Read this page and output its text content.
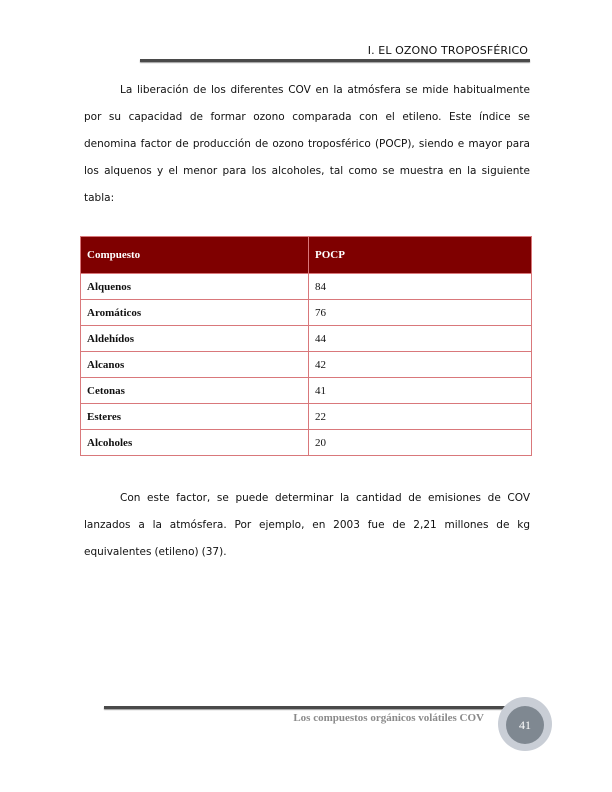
I. EL OZONO TROPOSFÉRICO

La liberación de los diferentes COV en la atmósfera se mide habitualmente por su capacidad de formar ozono comparada con el etileno. Este índice se denomina factor de producción de ozono troposférico (POCP), siendo e mayor para los alquenos y el menor para los alcoholes, tal como se muestra en la siguiente tabla:

Compuesto	POCP
Alquenos	84
Aromáticos	76
Aldehídos	44
Alcanos	42
Cetonas	41
Esteres	22
Alcoholes	20

Con este factor, se puede determinar la cantidad de emisiones de COV lanzados a la atmósfera. Por ejemplo, en 2003 fue de 2,21 millones de kg equivalentes (etileno) (37).

Los compuestos orgánicos volátiles COV	41
